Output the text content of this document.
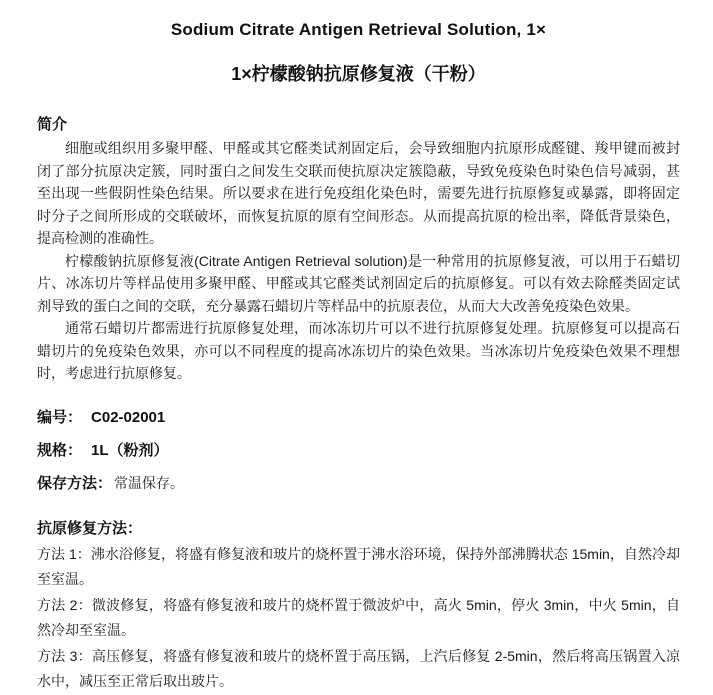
Sodium Citrate Antigen Retrieval Solution, 1×
1×柠檬酸钠抗原修复液（干粉）
简介

细胞或组织用多聚甲醛、甲醛或其它醛类试剂固定后，会导致细胞内抗原形成醛键、羧甲键而被封闭了部分抗原决定簇，同时蛋白之间发生交联而使抗原决定簇隐蔽，导致免疫染色时染色信号减弱，甚至出现一些假阴性染色结果。所以要求在进行免疫组化染色时，需要先进行抗原修复或暴露，即将固定时分子之间所形成的交联破坏，而恢复抗原的原有空间形态。从而提高抗原的检出率，降低背景染色，提高检测的准确性。

柠檬酸钠抗原修复液(Citrate Antigen Retrieval solution)是一种常用的抗原修复液，可以用于石蜡切片、冰冻切片等样品使用多聚甲醛、甲醛或其它醛类试剂固定后的抗原修复。可以有效去除醛类固定试剂导致的蛋白之间的交联，充分暴露石蜡切片等样品中的抗原表位，从而大大改善免疫染色效果。

通常石蜡切片都需进行抗原修复处理，而冰冻切片可以不进行抗原修复处理。抗原修复可以提高石蜡切片的免疫染色效果，亦可以不同程度的提高冰冻切片的染色效果。当冰冻切片免疫染色效果不理想时，考虑进行抗原修复。

编号： C02-02001
规格： 1L（粉剂）
保存方法： 常温保存。
抗原修复方法：

方法 1：沸水浴修复，将盛有修复液和玻片的烧杯置于沸水浴环境，保持外部沸腾状态 15min，自然冷却至室温。

方法 2：微波修复，将盛有修复液和玻片的烧杯置于微波炉中，高火 5min，停火 3min，中火 5min，自然冷却至室温。

方法 3：高压修复，将盛有修复液和玻片的烧杯置于高压锅，上汽后修复 2-5min，然后将高压锅置入凉水中，减压至正常后取出玻片。
